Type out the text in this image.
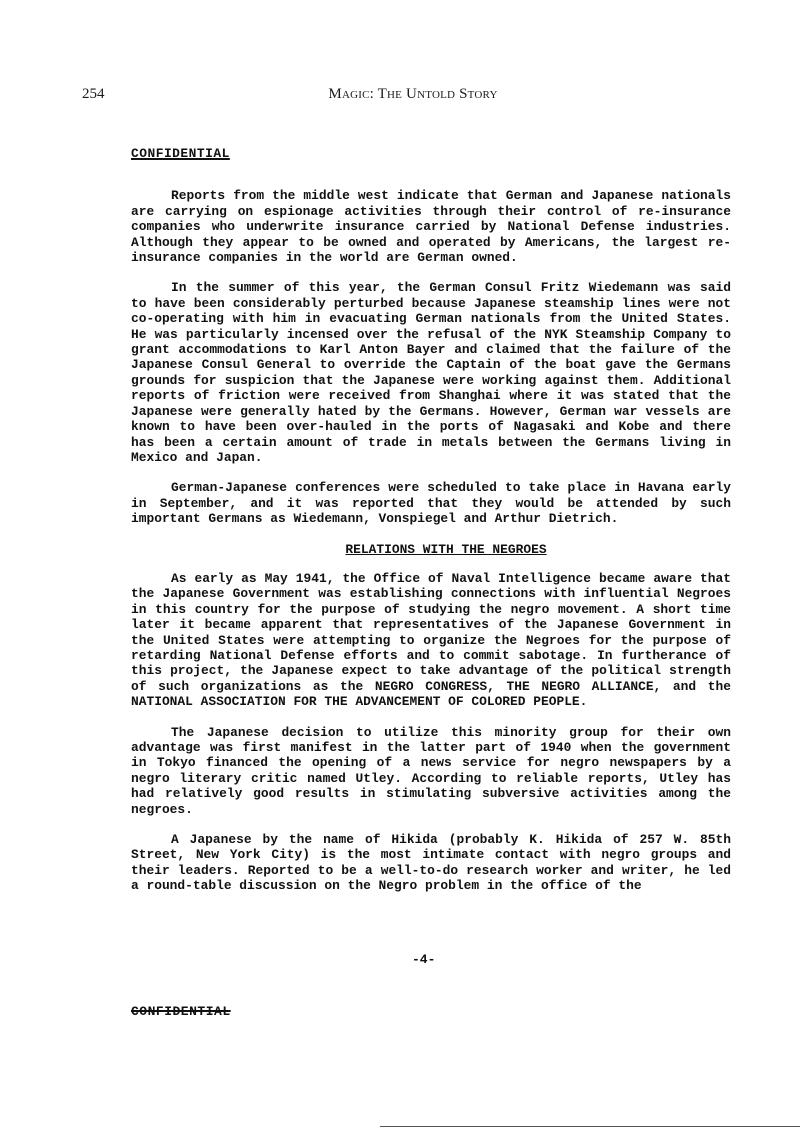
254	Magic: The Untold Story
CONFIDENTIAL

Reports from the middle west indicate that German and Japanese nationals are carrying on espionage activities through their control of re-insurance companies who underwrite insurance carried by National Defense industries. Although they appear to be owned and operated by Americans, the largest re-insurance companies in the world are German owned.

In the summer of this year, the German Consul Fritz Wiedemann was said to have been considerably perturbed because Japanese steamship lines were not co-operating with him in evacuating German nationals from the United States. He was particularly incensed over the refusal of the NYK Steamship Company to grant accommodations to Karl Anton Bayer and claimed that the failure of the Japanese Consul General to override the Captain of the boat gave the Germans grounds for suspicion that the Japanese were working against them. Additional reports of friction were received from Shanghai where it was stated that the Japanese were generally hated by the Germans. However, German war vessels are known to have been over-hauled in the ports of Nagasaki and Kobe and there has been a certain amount of trade in metals between the Germans living in Mexico and Japan.

German-Japanese conferences were scheduled to take place in Havana early in September, and it was reported that they would be attended by such important Germans as Wiedemann, Vonspiegel and Arthur Dietrich.

RELATIONS WITH THE NEGROES

As early as May 1941, the Office of Naval Intelligence became aware that the Japanese Government was establishing connections with influential Negroes in this country for the purpose of studying the negro movement. A short time later it became apparent that representatives of the Japanese Government in the United States were attempting to organize the Negroes for the purpose of retarding National Defense efforts and to commit sabotage. In furtherance of this project, the Japanese expect to take advantage of the political strength of such organizations as the NEGRO CONGRESS, THE NEGRO ALLIANCE, and the NATIONAL ASSOCIATION FOR THE ADVANCEMENT OF COLORED PEOPLE.

The Japanese decision to utilize this minority group for their own advantage was first manifest in the latter part of 1940 when the government in Tokyo financed the opening of a news service for negro newspapers by a negro literary critic named Utley. According to reliable reports, Utley has had relatively good results in stimulating subversive activities among the negroes.

A Japanese by the name of Hikida (probably K. Hikida of 257 W. 85th Street, New York City) is the most intimate contact with negro groups and their leaders. Reported to be a well-to-do research worker and writer, he led a round-table discussion on the Negro problem in the office of the

-4-
CONFIDENTIAL
